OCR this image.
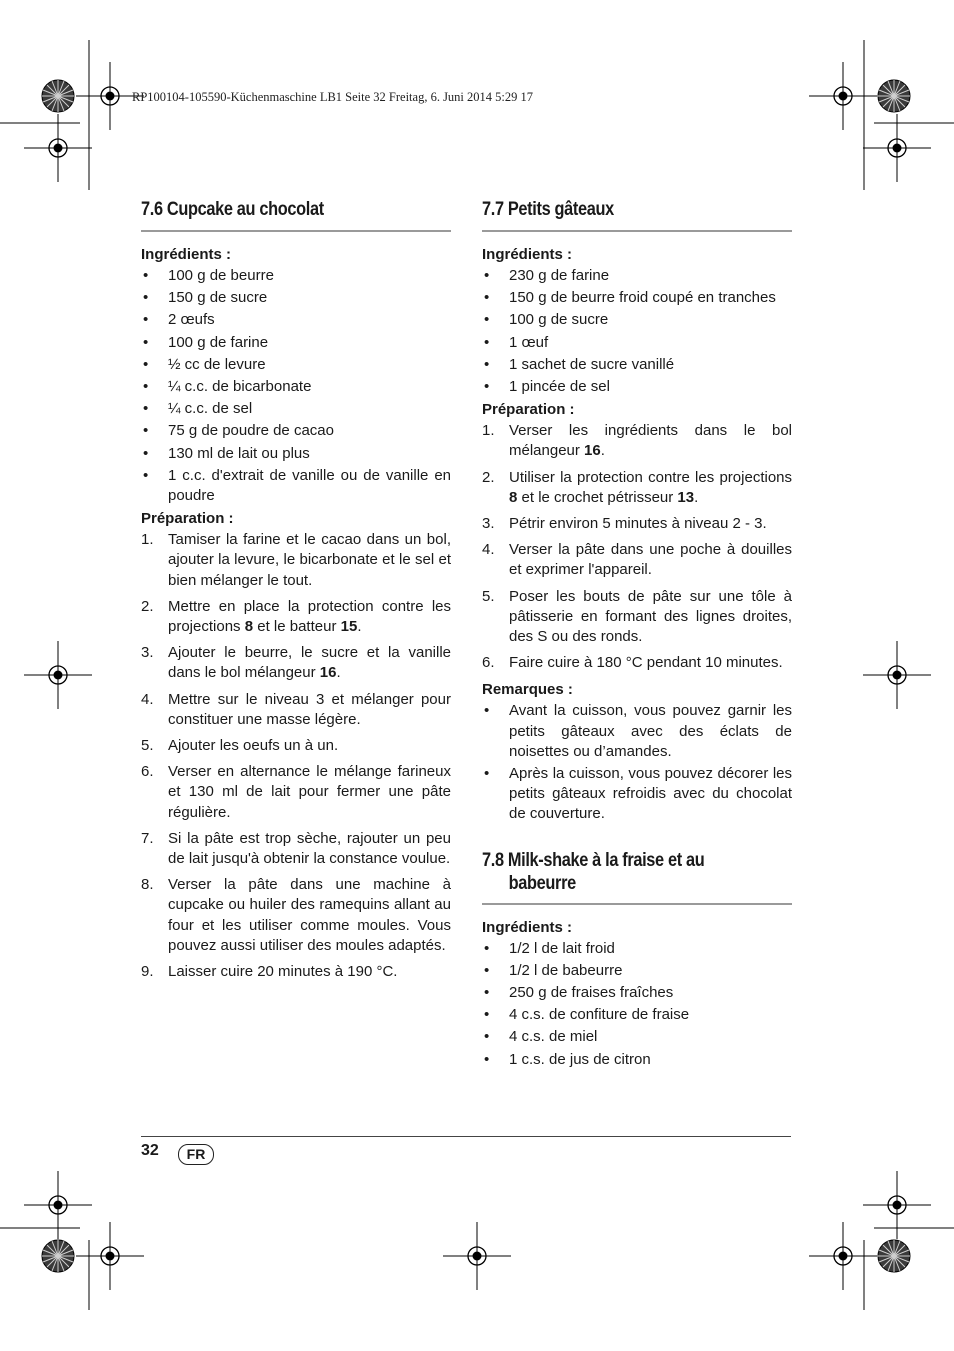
RP100104-105590-Küchenmaschine LB1 Seite 32 Freitag, 6. Juni 2014 5:29 17
7.6 Cupcake au chocolat

Ingrédients :

• 100 g de beurre
• 150 g de sucre
• 2 œufs
• 100 g de farine
• ½ cc de levure
• ¼ c.c. de bicarbonate
• ¼ c.c. de sel
• 75 g de poudre de cacao
• 130 ml de lait ou plus
• 1 c.c. d'extrait de vanille ou de vanille en poudre

Préparation :

1. Tamiser la farine et le cacao dans un bol, ajouter la levure, le bicarbonate et le sel et bien mélanger le tout.
2. Mettre en place la protection contre les projections 8 et le batteur 15.
3. Ajouter le beurre, le sucre et la vanille dans le bol mélangeur 16.
4. Mettre sur le niveau 3 et mélanger pour constituer une masse légère.
5. Ajouter les oeufs un à un.
6. Verser en alternance le mélange farineux et 130 ml de lait pour fermer une pâte régulière.
7. Si la pâte est trop sèche, rajouter un peu de lait jusqu'à obtenir la constance voulue.
8. Verser la pâte dans une machine à cupcake ou huiler des ramequins allant au four et les utiliser comme moules. Vous pouvez aussi utiliser des moules adaptés.
9. Laisser cuire 20 minutes à 190 °C.
7.7 Petits gâteaux

Ingrédients :

• 230 g de farine
• 150 g de beurre froid coupé en tranches
• 100 g de sucre
• 1 œuf
• 1 sachet de sucre vanillé
• 1 pincée de sel

Préparation :

1. Verser les ingrédients dans le bol mélangeur 16.
2. Utiliser la protection contre les projections 8 et le crochet pétrisseur 13.
3. Pétrir environ 5 minutes à niveau 2 - 3.
4. Verser la pâte dans une poche à douilles et exprimer l'appareil.
5. Poser les bouts de pâte sur une tôle à pâtisserie en formant des lignes droites, des S ou des ronds.
6. Faire cuire à 180 °C pendant 10 minutes.

Remarques :

• Avant la cuisson, vous pouvez garnir les petits gâteaux avec des éclats de noisettes ou d’amandes.
• Après la cuisson, vous pouvez décorer les petits gâteaux refroidis avec du chocolat de couverture.
7.8 Milk-shake à la fraise et au
babeurre

Ingrédients :

• 1/2 l de lait froid
• 1/2 l de babeurre
• 250 g de fraises fraîches
• 4 c.s. de confiture de fraise
• 4 c.s. de miel
• 1 c.s. de jus de citron
32	FR
